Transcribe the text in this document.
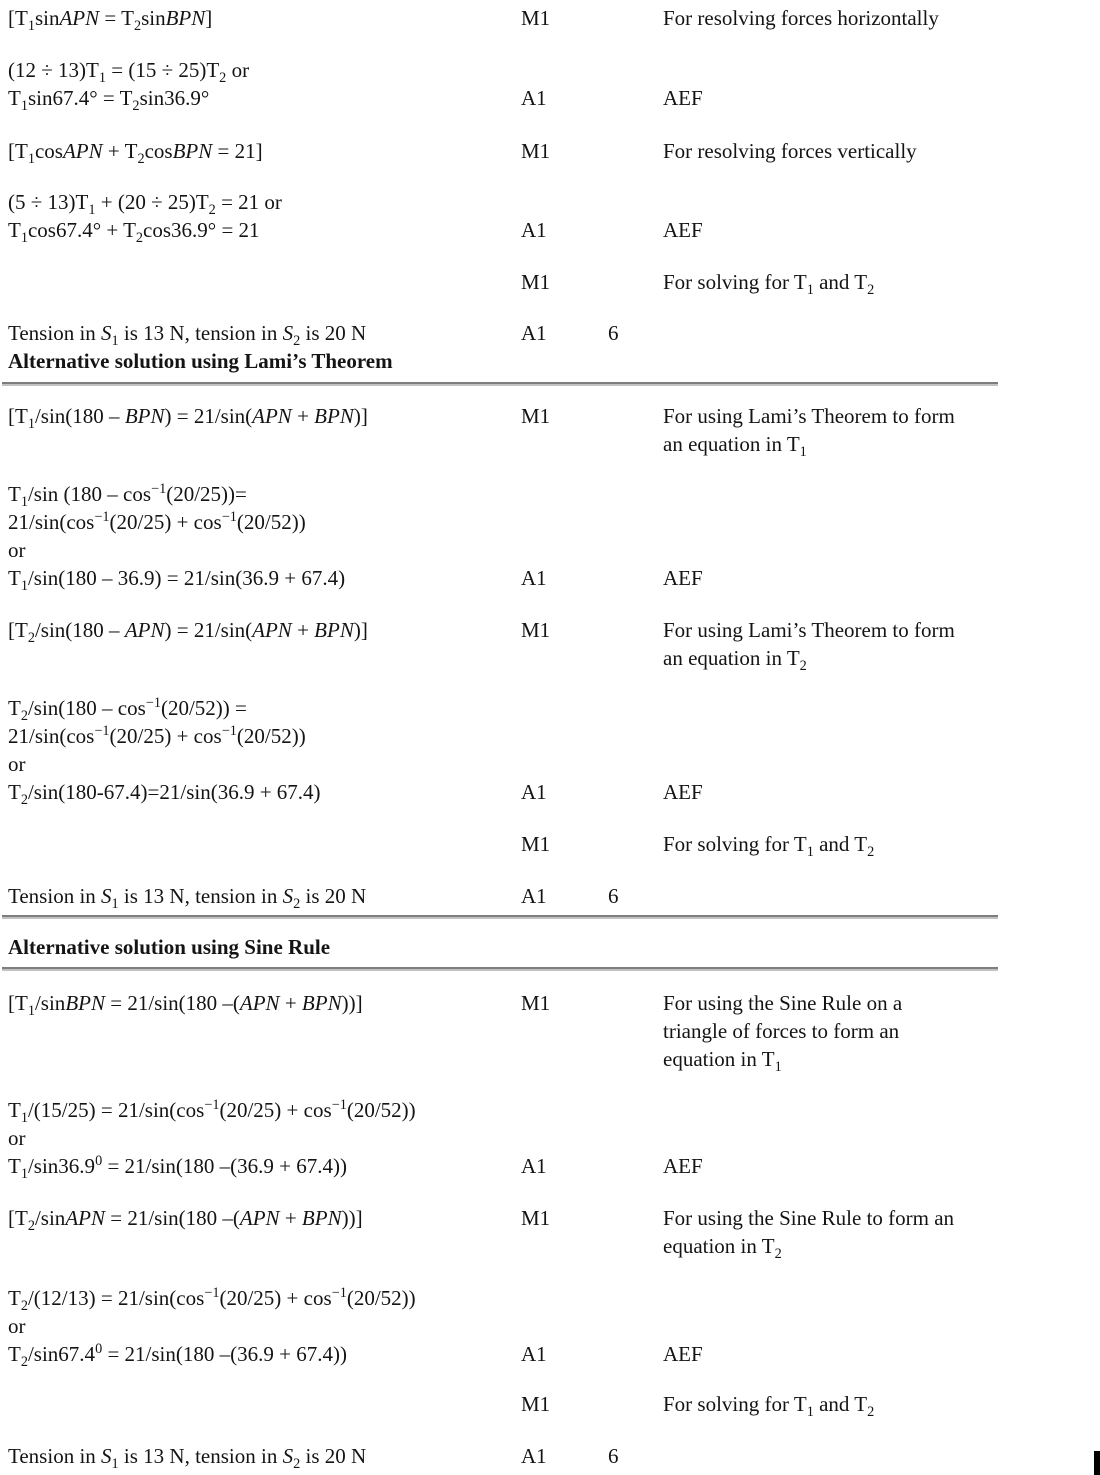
[$T_1sinAPN$ = $T_2sinBPN$]	M1	For resolving forces horizontally
$(12 \div 13)T_1 = (15 \div 25)T_2$ or
$T_1\sin 67.4^\circ = T_2\sin 36.9^\circ$	A1	AEF
[$T_1cosAPN$ + $T_2cosBPN = 21$]	M1	For resolving forces vertically
$(5 \div 13)T_1 + (20 \div 25)T_2 = 21$ or
$T_1\cos 67.4^\circ + T_2\cos 36.9^\circ = 21$	A1	AEF
M1	For solving for $T_1$ and $T_2$
Tension in $S_1$ is 13 N, tension in $S_2$ is 20 N	A1	6
Alternative solution using Lami’s Theorem
$[T_1/\sin(180 - BPN) = 21/\sin(APN + BPN)]$	M1	For using Lami’s Theorem to form
an equation in $T_1$
$T_1/\sin$ $(180 - \cos^{-1}(20/25))=$
$21/\sin(\cos^{-1}(20/25) + \cos^{-1}(20/52))$
or
$T_1/\sin(180 - 36.9) = 21/\sin(36.9 + 67.4)$	A1	AEF
$[T_2/\sin(180 - APN) = 21/\sin(APN + BPN)]$	M1	For using Lami’s Theorem to form
an equation in $T_2$
$T_2/\sin(180 - \cos^{-1}(20/52))$ =
$21/\sin(\cos^{-1}(20/25) + \cos^{-1}(20/52))$
or
$T_2/\sin(180-67.4)=21/\sin(36.9 + 67.4)$	A1	AEF
M1	For solving for $T_1$ and $T_2$
Tension in $S_1$ is 13 N, tension in $S_2$ is 20 N	A1	6
Alternative solution using Sine Rule
[$T_1$/sinBPN = 21/sin(180 –(APN + BPN))]	M1	For using the Sine Rule on a
triangle of forces to form an
equation in $T_1$
$T_1/(15/25) = 21/\sin(\cos^{-1}(20/25) + \cos^{-1}(20/52))$
or
$T_1/\sin 36.9^0 = 21/\sin(180$ –(36.9 + 67.4))	A1	AEF
[$T_2$/sinAPN = 21/sin(180 –(APN + BPN))]	M1	For using the Sine Rule to form an
equation in $T_2$
$T_2/(12/13) = 21/\sin(\cos^{-1}(20/25) + \cos^{-1}(20/52))$
or
$T_2/\sin 67.4^0 = 21/\sin(180$ –(36.9 + 67.4))	A1	AEF
M1	For solving for $T_1$ and $T_2$
Tension in $S_1$ is 13 N, tension in $S_2$ is 20 N	A1	6
